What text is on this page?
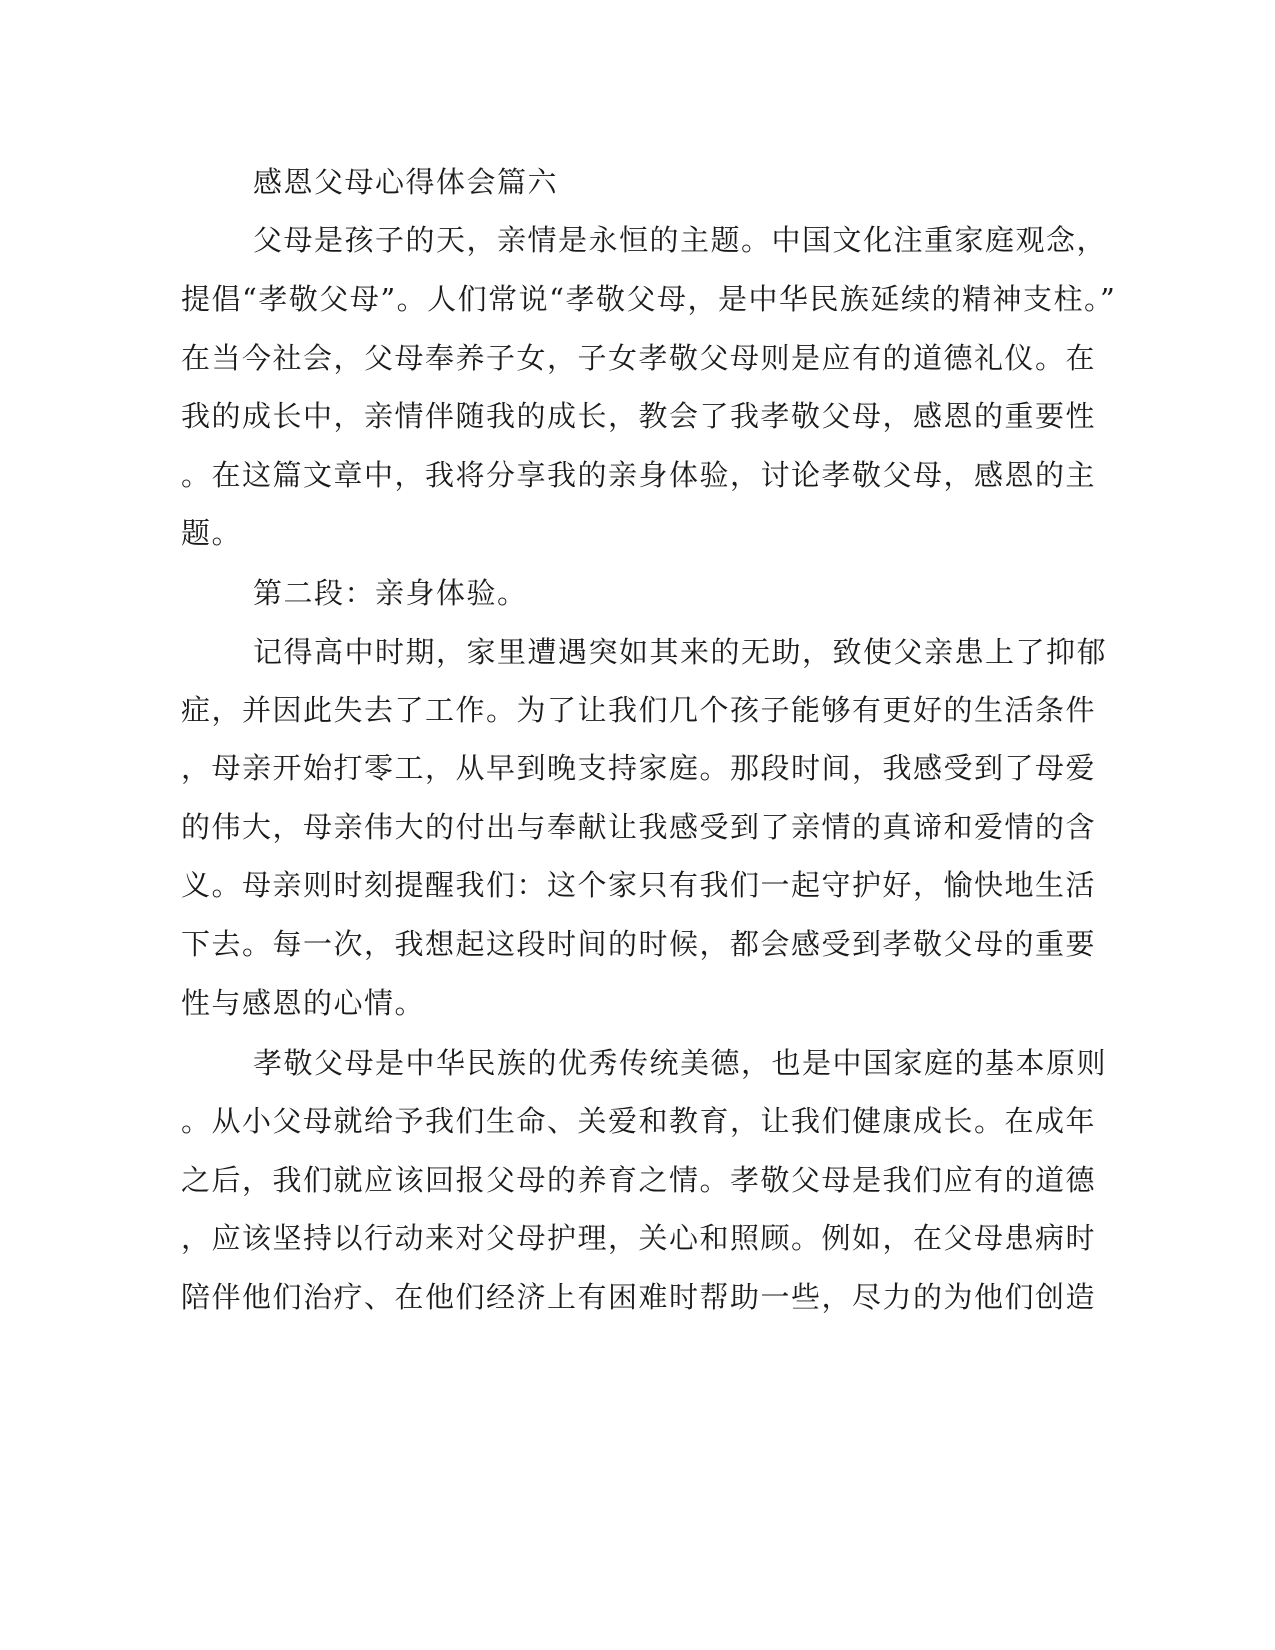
感恩父母心得体会篇六
父母是孩子的天，亲情是永恒的主题。中国文化注重家庭观念，
提倡“孝敬父母”。人们常说“孝敬父母，是中华民族延续的精神支柱。”
在当今社会，父母奉养子女，子女孝敬父母则是应有的道德礼仪。在
我的成长中，亲情伴随我的成长，教会了我孝敬父母，感恩的重要性
。在这篇文章中，我将分享我的亲身体验，讨论孝敬父母，感恩的主
题。
第二段：亲身体验。
记得高中时期，家里遭遇突如其来的无助，致使父亲患上了抑郁
症，并因此失去了工作。为了让我们几个孩子能够有更好的生活条件
，母亲开始打零工，从早到晚支持家庭。那段时间，我感受到了母爱
的伟大，母亲伟大的付出与奉献让我感受到了亲情的真谛和爱情的含
义。母亲则时刻提醒我们：这个家只有我们一起守护好，愉快地生活
下去。每一次，我想起这段时间的时候，都会感受到孝敬父母的重要
性与感恩的心情。
孝敬父母是中华民族的优秀传统美德，也是中国家庭的基本原则
。从小父母就给予我们生命、关爱和教育，让我们健康成长。在成年
之后，我们就应该回报父母的养育之情。孝敬父母是我们应有的道德
，应该坚持以行动来对父母护理，关心和照顾。例如，在父母患病时
陪伴他们治疗、在他们经济上有困难时帮助一些，尽力的为他们创造
